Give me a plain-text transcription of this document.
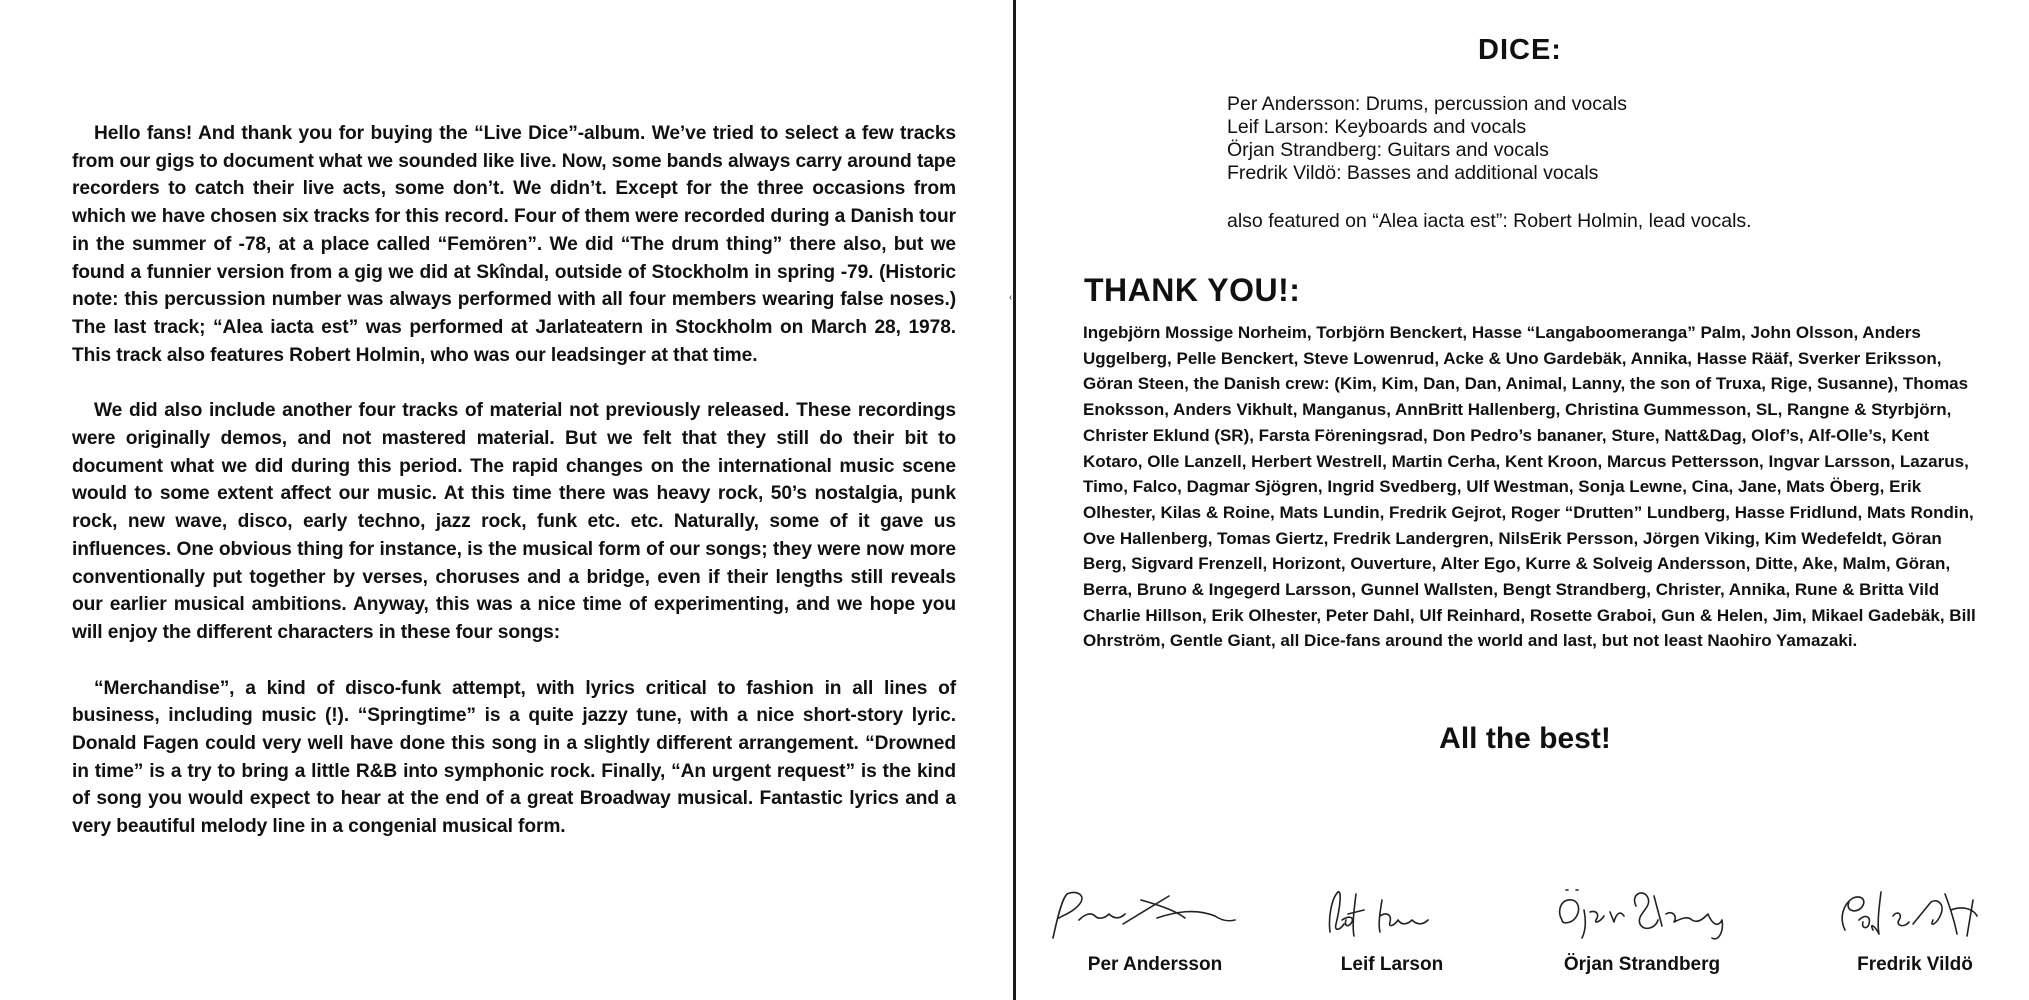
‹

Hello fans! And thank you for buying the “Live Dice”-album. We’ve tried to select a few tracks from our gigs to document what we sounded like live. Now, some bands always carry around tape recorders to catch their live acts, some don’t. We didn’t. Except for the three occasions from which we have chosen six tracks for this record. Four of them were recorded during a Danish tour in the summer of -78, at a place called “Femören”. We did “The drum thing” there also, but we found a funnier version from a gig we did at Skîndal, outside of Stockholm in spring -79. (Historic note: this percussion number was always performed with all four members wearing false noses.) The last track; “Alea iacta est” was performed at Jarlateatern in Stockholm on March 28, 1978. This track also features Robert Holmin, who was our leadsinger at that time.

We did also include another four tracks of material not previously released. These recordings were originally demos, and not mastered material. But we felt that they still do their bit to document what we did during this period. The rapid changes on the international music scene would to some extent affect our music. At this time there was heavy rock, 50’s nostalgia, punk rock, new wave, disco, early techno, jazz rock, funk etc. etc. Naturally, some of it gave us influences. One obvious thing for instance, is the musical form of our songs; they were now more conventionally put together by verses, choruses and a bridge, even if their lengths still reveals our earlier musical ambitions. Anyway, this was a nice time of experimenting, and we hope you will enjoy the different characters in these four songs:

“Merchandise”, a kind of disco-funk attempt, with lyrics critical to fashion in all lines of business, including music (!). “Springtime” is a quite jazzy tune, with a nice short-story lyric. Donald Fagen could very well have done this song in a slightly different arrangement. “Drowned in time” is a try to bring a little R&B into symphonic rock. Finally, “An urgent request” is the kind of song you would expect to hear at the end of a great Broadway musical. Fantastic lyrics and a very beautiful melody line in a congenial musical form.

DICE:
Per Andersson: Drums, percussion and vocals
Leif Larson: Keyboards and vocals
Örjan Strandberg: Guitars and vocals
Fredrik Vildö: Basses and additional vocals
also featured on “Alea iacta est”: Robert Holmin, lead vocals.
THANK YOU!:
Ingebjörn Mossige Norheim, Torbjörn Benckert, Hasse “Langaboomeranga” Palm, John Olsson, Anders Uggelberg, Pelle Benckert, Steve Lowenrud, Acke & Uno Gardebäk, Annika, Hasse Rääf, Sverker Eriksson, Göran Steen, the Danish crew: (Kim, Kim, Dan, Dan, Animal, Lanny, the son of Truxa, Rige, Susanne), Thomas Enoksson, Anders Vikhult, Manganus, AnnBritt Hallenberg, Christina Gummesson, SL, Rangne & Styrbjörn, Christer Eklund (SR), Farsta Föreningsrad, Don Pedro’s bananer, Sture, Natt&Dag, Olof’s, Alf-Olle’s, Kent Kotaro, Olle Lanzell, Herbert Westrell, Martin Cerha, Kent Kroon, Marcus Pettersson, Ingvar Larsson, Lazarus, Timo, Falco, Dagmar Sjögren, Ingrid Svedberg, Ulf Westman, Sonja Lewne, Cina, Jane, Mats Öberg, Erik Olhester, Kilas & Roine, Mats Lundin, Fredrik Gejrot, Roger “Drutten” Lundberg, Hasse Fridlund, Mats Rondin, Ove Hallenberg, Tomas Giertz, Fredrik Landergren, NilsErik Persson, Jörgen Viking, Kim Wedefeldt, Göran Berg, Sigvard Frenzell, Horizont, Ouverture, Alter Ego, Kurre & Solveig Andersson, Ditte, Ake, Malm, Göran, Berra, Bruno & Ingegerd Larsson, Gunnel Wallsten, Bengt Strandberg, Christer, Annika, Rune & Britta Vild Charlie Hillson, Erik Olhester, Peter Dahl, Ulf Reinhard, Rosette Graboi, Gun & Helen, Jim, Mikael Gadebäk, Bill Ohrström, Gentle Giant, all Dice-fans around the world and last, but not least Naohiro Yamazaki.
All the best!
Per Andersson	Leif Larson	Örjan Strandberg	Fredrik Vildö
